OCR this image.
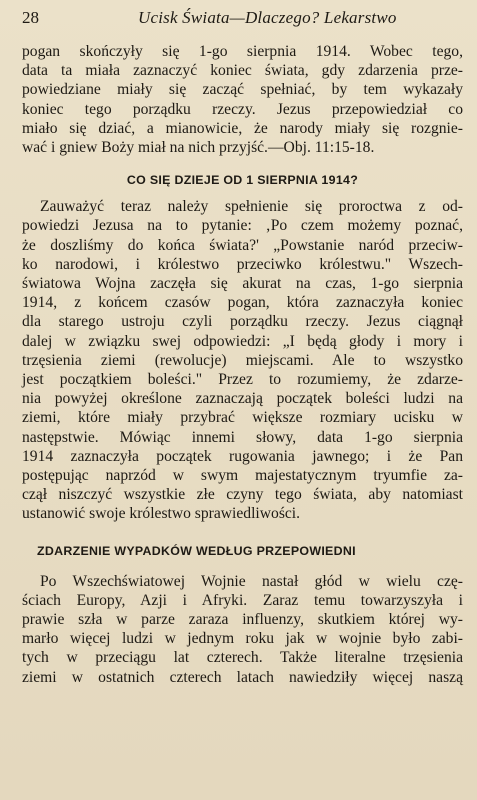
28	Ucisk Świata—Dlaczego? Lekarstwo

pogan skończyły się 1-go sierpnia 1914. Wobec tego,
data ta miała zaznaczyć koniec świata, gdy zdarzenia prze-
powiedziane miały się zacząć spełniać, by tem wykazały
koniec tego porządku rzeczy. Jezus przepowiedział co
miało się dziać, a mianowicie, że narody miały się rozgnie-
wać i gniew Boży miał na nich przyjść.—Obj. 11:15-18.

CO SIĘ DZIEJE OD 1 SIERPNIA 1914?

Zauważyć teraz należy spełnienie się proroctwa z od-
powiedzi Jezusa na to pytanie: ‚Po czem możemy poznać,
że doszliśmy do końca świata?' „Powstanie naród przeciw-
ko narodowi, i królestwo przeciwko królestwu." Wszech-
światowa Wojna zaczęła się akurat na czas, 1-go sierpnia
1914, z końcem czasów pogan, która zaznaczyła koniec
dla starego ustroju czyli porządku rzeczy. Jezus ciągnął
dalej w związku swej odpowiedzi: „I będą głody i mory i
trzęsienia ziemi (rewolucje) miejscami. Ale to wszystko
jest początkiem boleści." Przez to rozumiemy, że zdarze-
nia powyżej określone zaznaczają początek boleści ludzi na
ziemi, które miały przybrać większe rozmiary ucisku w
następstwie. Mówiąc innemi słowy, data 1-go sierpnia
1914 zaznaczyła początek rugowania jawnego; i że Pan
postępując naprzód w swym majestatycznym tryumfie za-
czął niszczyć wszystkie złe czyny tego świata, aby natomiast
ustanowić swoje królestwo sprawiedliwości.

ZDARZENIE WYPADKÓW WEDŁUG PRZEPOWIEDNI

Po Wszechświatowej Wojnie nastał głód w wielu czę-
ściach Europy, Azji i Afryki. Zaraz temu towarzyszyła i
prawie szła w parze zaraza influenzy, skutkiem której wy-
marło więcej ludzi w jednym roku jak w wojnie było zabi-
tych w przeciągu lat czterech. Także literalne trzęsienia
ziemi w ostatnich czterech latach nawiedziły więcej naszą
